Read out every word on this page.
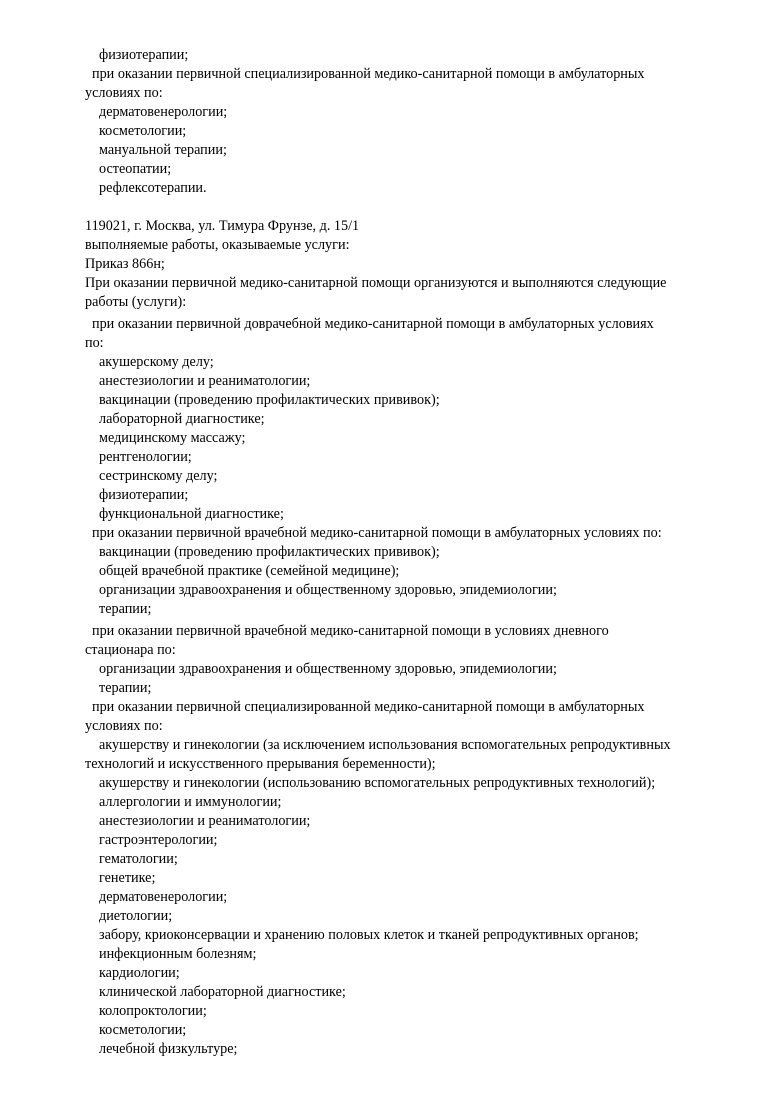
физиотерапии;
при оказании первичной специализированной медико-санитарной помощи в амбулаторных
условиях по:
дерматовенерологии;
косметологии;
мануальной терапии;
остеопатии;
рефлексотерапии.
119021, г. Москва, ул. Тимура Фрунзе, д. 15/1
выполняемые работы, оказываемые услуги:
Приказ 866н;
При оказании первичной медико-санитарной помощи организуются и выполняются следующие
работы (услуги):
при оказании первичной доврачебной медико-санитарной помощи в амбулаторных условиях
по:
акушерскому делу;
анестезиологии и реаниматологии;
вакцинации (проведению профилактических прививок);
лабораторной диагностике;
медицинскому массажу;
рентгенологии;
сестринскому делу;
физиотерапии;
функциональной диагностике;
при оказании первичной врачебной медико-санитарной помощи в амбулаторных условиях по:
вакцинации (проведению профилактических прививок);
общей врачебной практике (семейной медицине);
организации здравоохранения и общественному здоровью, эпидемиологии;
терапии;
при оказании первичной врачебной медико-санитарной помощи в условиях дневного
стационара по:
организации здравоохранения и общественному здоровью, эпидемиологии;
терапии;
при оказании первичной специализированной медико-санитарной помощи в амбулаторных
условиях по:
акушерству и гинекологии (за исключением использования вспомогательных репродуктивных
технологий и искусственного прерывания беременности);
акушерству и гинекологии (использованию вспомогательных репродуктивных технологий);
аллергологии и иммунологии;
анестезиологии и реаниматологии;
гастроэнтерологии;
гематологии;
генетике;
дерматовенерологии;
диетологии;
забору, криоконсервации и хранению половых клеток и тканей репродуктивных органов;
инфекционным болезням;
кардиологии;
клинической лабораторной диагностике;
колопроктологии;
косметологии;
лечебной физкультуре;
